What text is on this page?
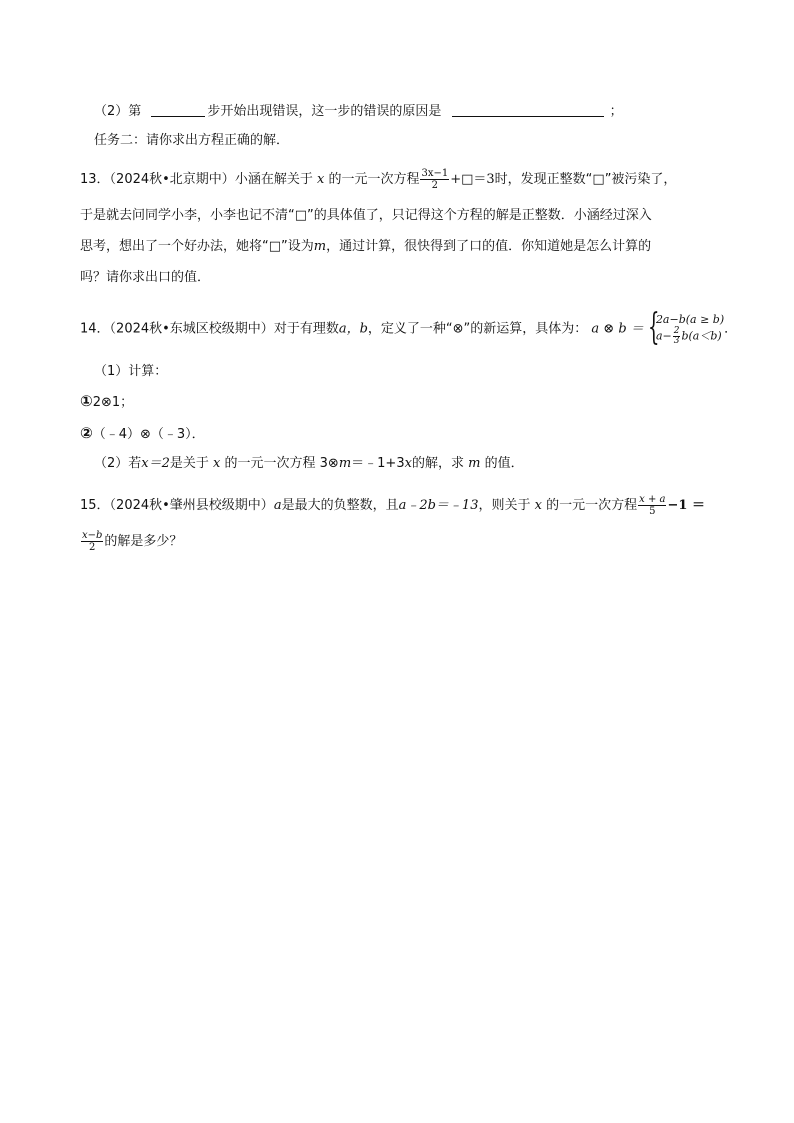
（2）第	步开始出现错误，这一步的错误的原因是	；
任务二：请你求出方程正确的解．
13．（2024秋•北京期中）小涵在解关于 x 的一元一次方程 $\frac{3x-1}{2}$ +□＝3时，发现正整数“□”被污染了，
于是就去问同学小李，小李也记不清“□”的具体值了，只记得这个方程的解是正整数．小涵经过深入
思考，想出了一个好办法，她将“□”设为m，通过计算，很快得到了口的值．你知道她是怎么计算的
吗？请你求出口的值．
14．（2024秋•东城区校级期中）对于有理数a，b，定义了一种“⊗”的新运算，具体为： a ⊗ b ＝ {
2a−b(a ≥ b)
$a- \frac{2}{3} b(a<b)$ ．
（1）计算：
①2⊗1；
②（﹣4）⊗（﹣3）．
（2）若x＝2是关于 x 的一元一次方程 3⊗m＝﹣1+3x的解，求 m 的值．
15．（2024秋•肇州县校级期中）a是最大的负整数，且a﹣2b＝﹣13，则关于 x 的一元一次方程 $\frac{x + a}{5} -1$ ＝
$\frac{x-b}{2}$ 的解是多少？
